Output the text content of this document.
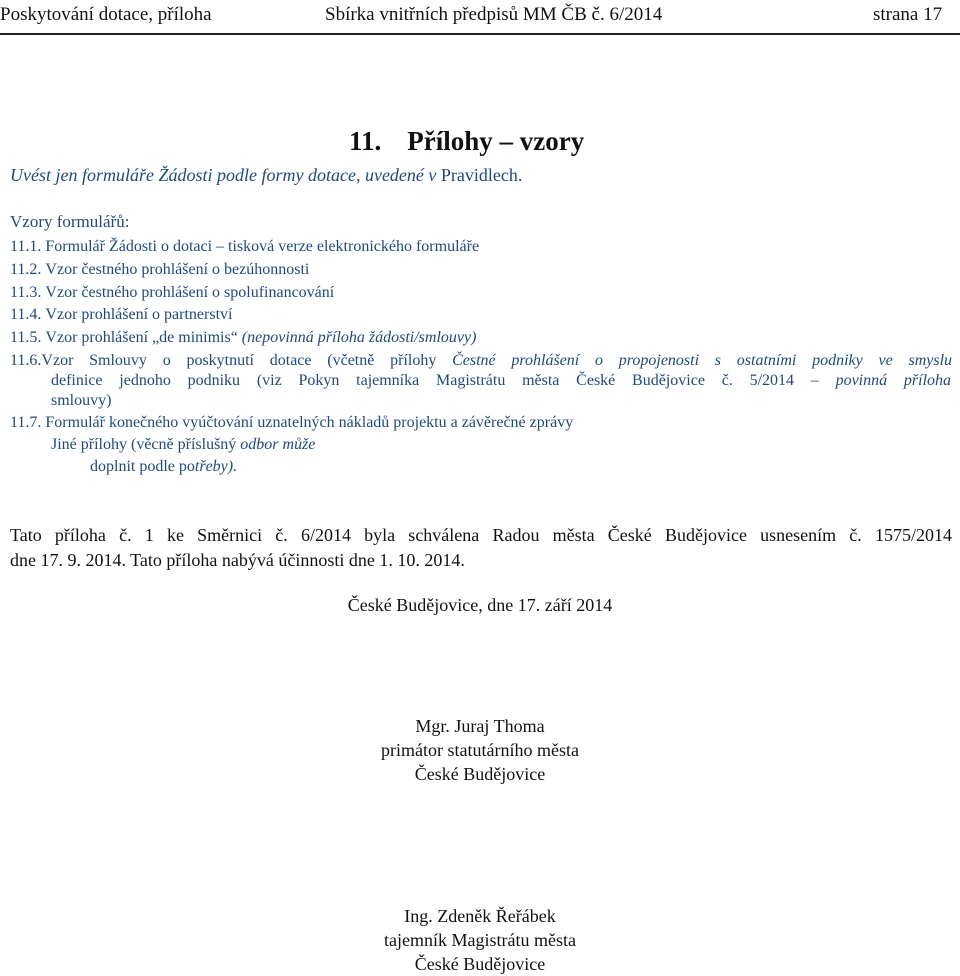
Poskytování dotace, příloha	Sbírka vnitřních předpisů MM ČB č. 6/2014	strana 17
11. Přílohy – vzory
Uvést jen formuláře Žádosti podle formy dotace, uvedené v Pravidlech.
Vzory formulářů:
11.1. Formulář Žádosti o dotaci – tisková verze elektronického formuláře
11.2. Vzor čestného prohlášení o bezúhonnosti
11.3. Vzor čestného prohlášení o spolufinancování
11.4. Vzor prohlášení o partnerství
11.5. Vzor prohlášení „de minimis“ (nepovinná příloha žádosti/smlouvy)
11.6.Vzor Smlouvy o poskytnutí dotace (včetně přílohy Čestné prohlášení o propojenosti s ostatními podniky ve smyslu
definice jednoho podniku (viz Pokyn tajemníka Magistrátu města České Budějovice č. 5/2014 – povinná příloha
smlouvy)
11.7. Formulář konečného vyúčtování uznatelných nákladů projektu a závěrečné zprávy
Jiné přílohy (věcně příslušný odbor může
doplnit podle potřeby).
Tato příloha č. 1 ke Směrnici č. 6/2014 byla schválena Radou města České Budějovice usnesením č. 1575/2014
dne 17. 9. 2014. Tato příloha nabývá účinnosti dne 1. 10. 2014.
České Budějovice, dne 17. září 2014
Mgr. Juraj Thoma
primátor statutárního města
České Budějovice
Ing. Zdeněk Řeřábek
tajemník Magistrátu města
České Budějovice
